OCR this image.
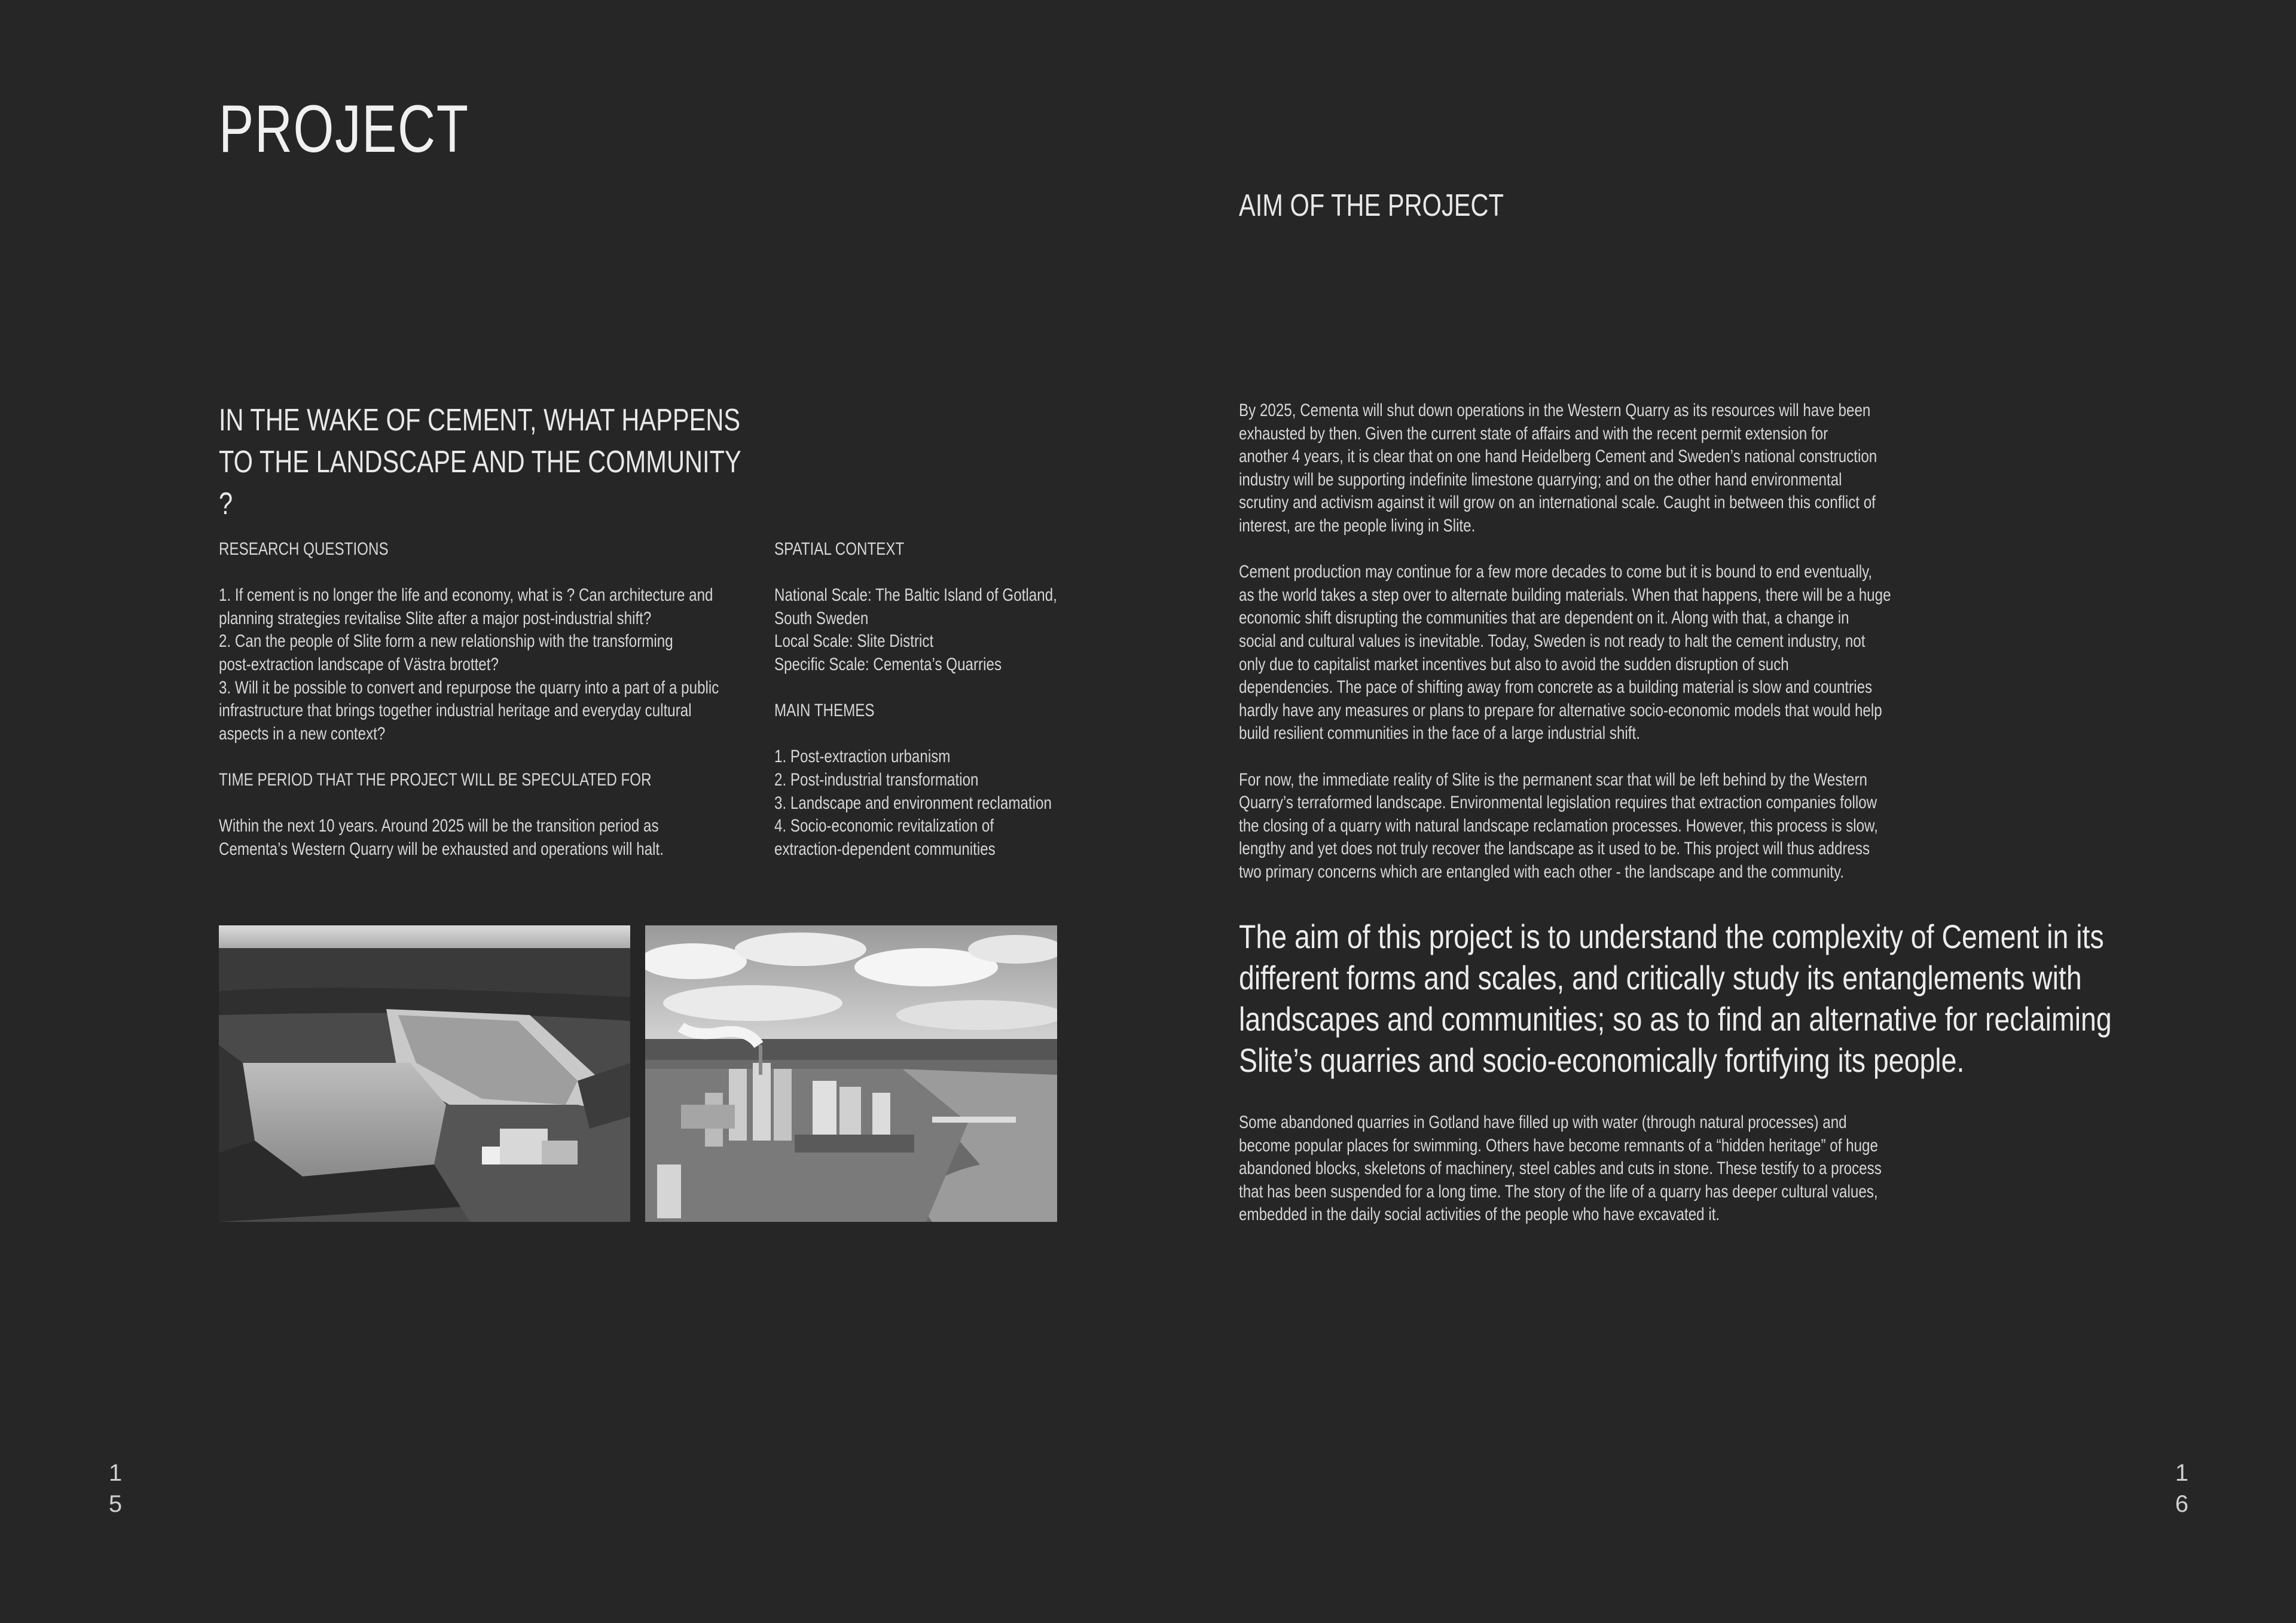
PROJECT
AIM OF THE PROJECT
IN THE WAKE OF CEMENT, WHAT HAPPENS TO THE LANDSCAPE AND THE COMMUNITY ?

RESEARCH QUESTIONS

1. If cement is no longer the life and economy, what is ? Can architecture and

planning strategies revitalise Slite after a major post-industrial shift?

2. Can the people of Slite form a new relationship with the transforming

post-extraction landscape of Västra brottet?

3. Will it be possible to convert and repurpose the quarry into a part of a public

infrastructure that brings together industrial heritage and everyday cultural

aspects in a new context?

TIME PERIOD THAT THE PROJECT WILL BE SPECULATED FOR

Within the next 10 years. Around 2025 will be the transition period as

Cementa’s Western Quarry will be exhausted and operations will halt.

SPATIAL CONTEXT

National Scale: The Baltic Island of Gotland,

South Sweden

Local Scale: Slite District

Specific Scale: Cementa’s Quarries

MAIN THEMES

1. Post-extraction urbanism

2. Post-industrial transformation

3. Landscape and environment reclamation

4. Socio-economic revitalization of

extraction-dependent communities

By 2025, Cementa will shut down operations in the Western Quarry as its resources will have been

exhausted by then. Given the current state of affairs and with the recent permit extension for

another 4 years, it is clear that on one hand Heidelberg Cement and Sweden’s national construction

industry will be supporting indefinite limestone quarrying; and on the other hand environmental

scrutiny and activism against it will grow on an international scale. Caught in between this conflict of

interest, are the people living in Slite.

Cement production may continue for a few more decades to come but it is bound to end eventually,

as the world takes a step over to alternate building materials. When that happens, there will be a huge

economic shift disrupting the communities that are dependent on it. Along with that, a change in

social and cultural values is inevitable. Today, Sweden is not ready to halt the cement industry, not

only due to capitalist market incentives but also to avoid the sudden disruption of such

dependencies. The pace of shifting away from concrete as a building material is slow and countries

hardly have any measures or plans to prepare for alternative socio-economic models that would help

build resilient communities in the face of a large industrial shift.

For now, the immediate reality of Slite is the permanent scar that will be left behind by the Western

Quarry’s terraformed landscape. Environmental legislation requires that extraction companies follow

the closing of a quarry with natural landscape reclamation processes. However, this process is slow,

lengthy and yet does not truly recover the landscape as it used to be. This project will thus address

two primary concerns which are entangled with each other - the landscape and the community.

The aim of this project is to understand the complexity of Cement in its
different forms and scales, and critically study its entanglements with
landscapes and communities; so as to find an alternative for reclaiming
Slite’s quarries and socio-economically fortifying its people.

Some abandoned quarries in Gotland have filled up with water (through natural processes) and

become popular places for swimming. Others have become remnants of a “hidden heritage” of huge

abandoned blocks, skeletons of machinery, steel cables and cuts in stone. These testify to a process

that has been suspended for a long time. The story of the life of a quarry has deeper cultural values,

embedded in the daily social activities of the people who have excavated it.

1
5
1
6
